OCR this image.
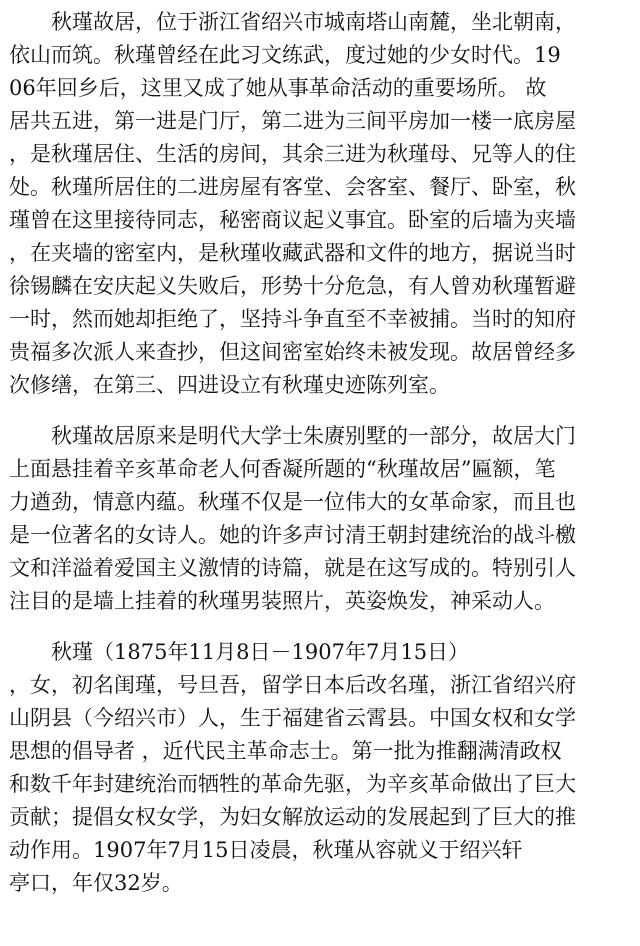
　　秋瑾故居，位于浙江省绍兴市城南塔山南麓，坐北朝南，
依山而筑。秋瑾曾经在此习文练武，度过她的少女时代。19
06年回乡后，这里又成了她从事革命活动的重要场所。 故
居共五进，第一进是门厅，第二进为三间平房加一楼一底房屋
，是秋瑾居住、生活的房间，其余三进为秋瑾母、兄等人的住
处。秋瑾所居住的二进房屋有客堂、会客室、餐厅、卧室，秋
瑾曾在这里接待同志，秘密商议起义事宜。卧室的后墙为夹墙
，在夹墙的密室内，是秋瑾收藏武器和文件的地方，据说当时
徐锡麟在安庆起义失败后，形势十分危急，有人曾劝秋瑾暂避
一时，然而她却拒绝了，坚持斗争直至不幸被捕。当时的知府
贵福多次派人来查抄，但这间密室始终未被发现。故居曾经多
次修缮，在第三、四进设立有秋瑾史迹陈列室。
　　秋瑾故居原来是明代大学士朱赓别墅的一部分，故居大门
上面悬挂着辛亥革命老人何香凝所题的“秋瑾故居”匾额，笔
力遒劲，情意内蕴。秋瑾不仅是一位伟大的女革命家，而且也
是一位著名的女诗人。她的许多声讨清王朝封建统治的战斗檄
文和洋溢着爱国主义激情的诗篇，就是在这写成的。特别引人
注目的是墙上挂着的秋瑾男装照片，英姿焕发，神采动人。
　　秋瑾（1875年11月8日－1907年7月15日）
，女，初名闺瑾，号旦吾，留学日本后改名瑾，浙江省绍兴府
山阴县（今绍兴市）人，生于福建省云霄县。中国女权和女学
思想的倡导者 ，近代民主革命志士。第一批为推翻满清政权
和数千年封建统治而牺牲的革命先驱，为辛亥革命做出了巨大
贡献；提倡女权女学，为妇女解放运动的发展起到了巨大的推
动作用。1907年7月15日凌晨，秋瑾从容就义于绍兴轩
亭口，年仅32岁。
